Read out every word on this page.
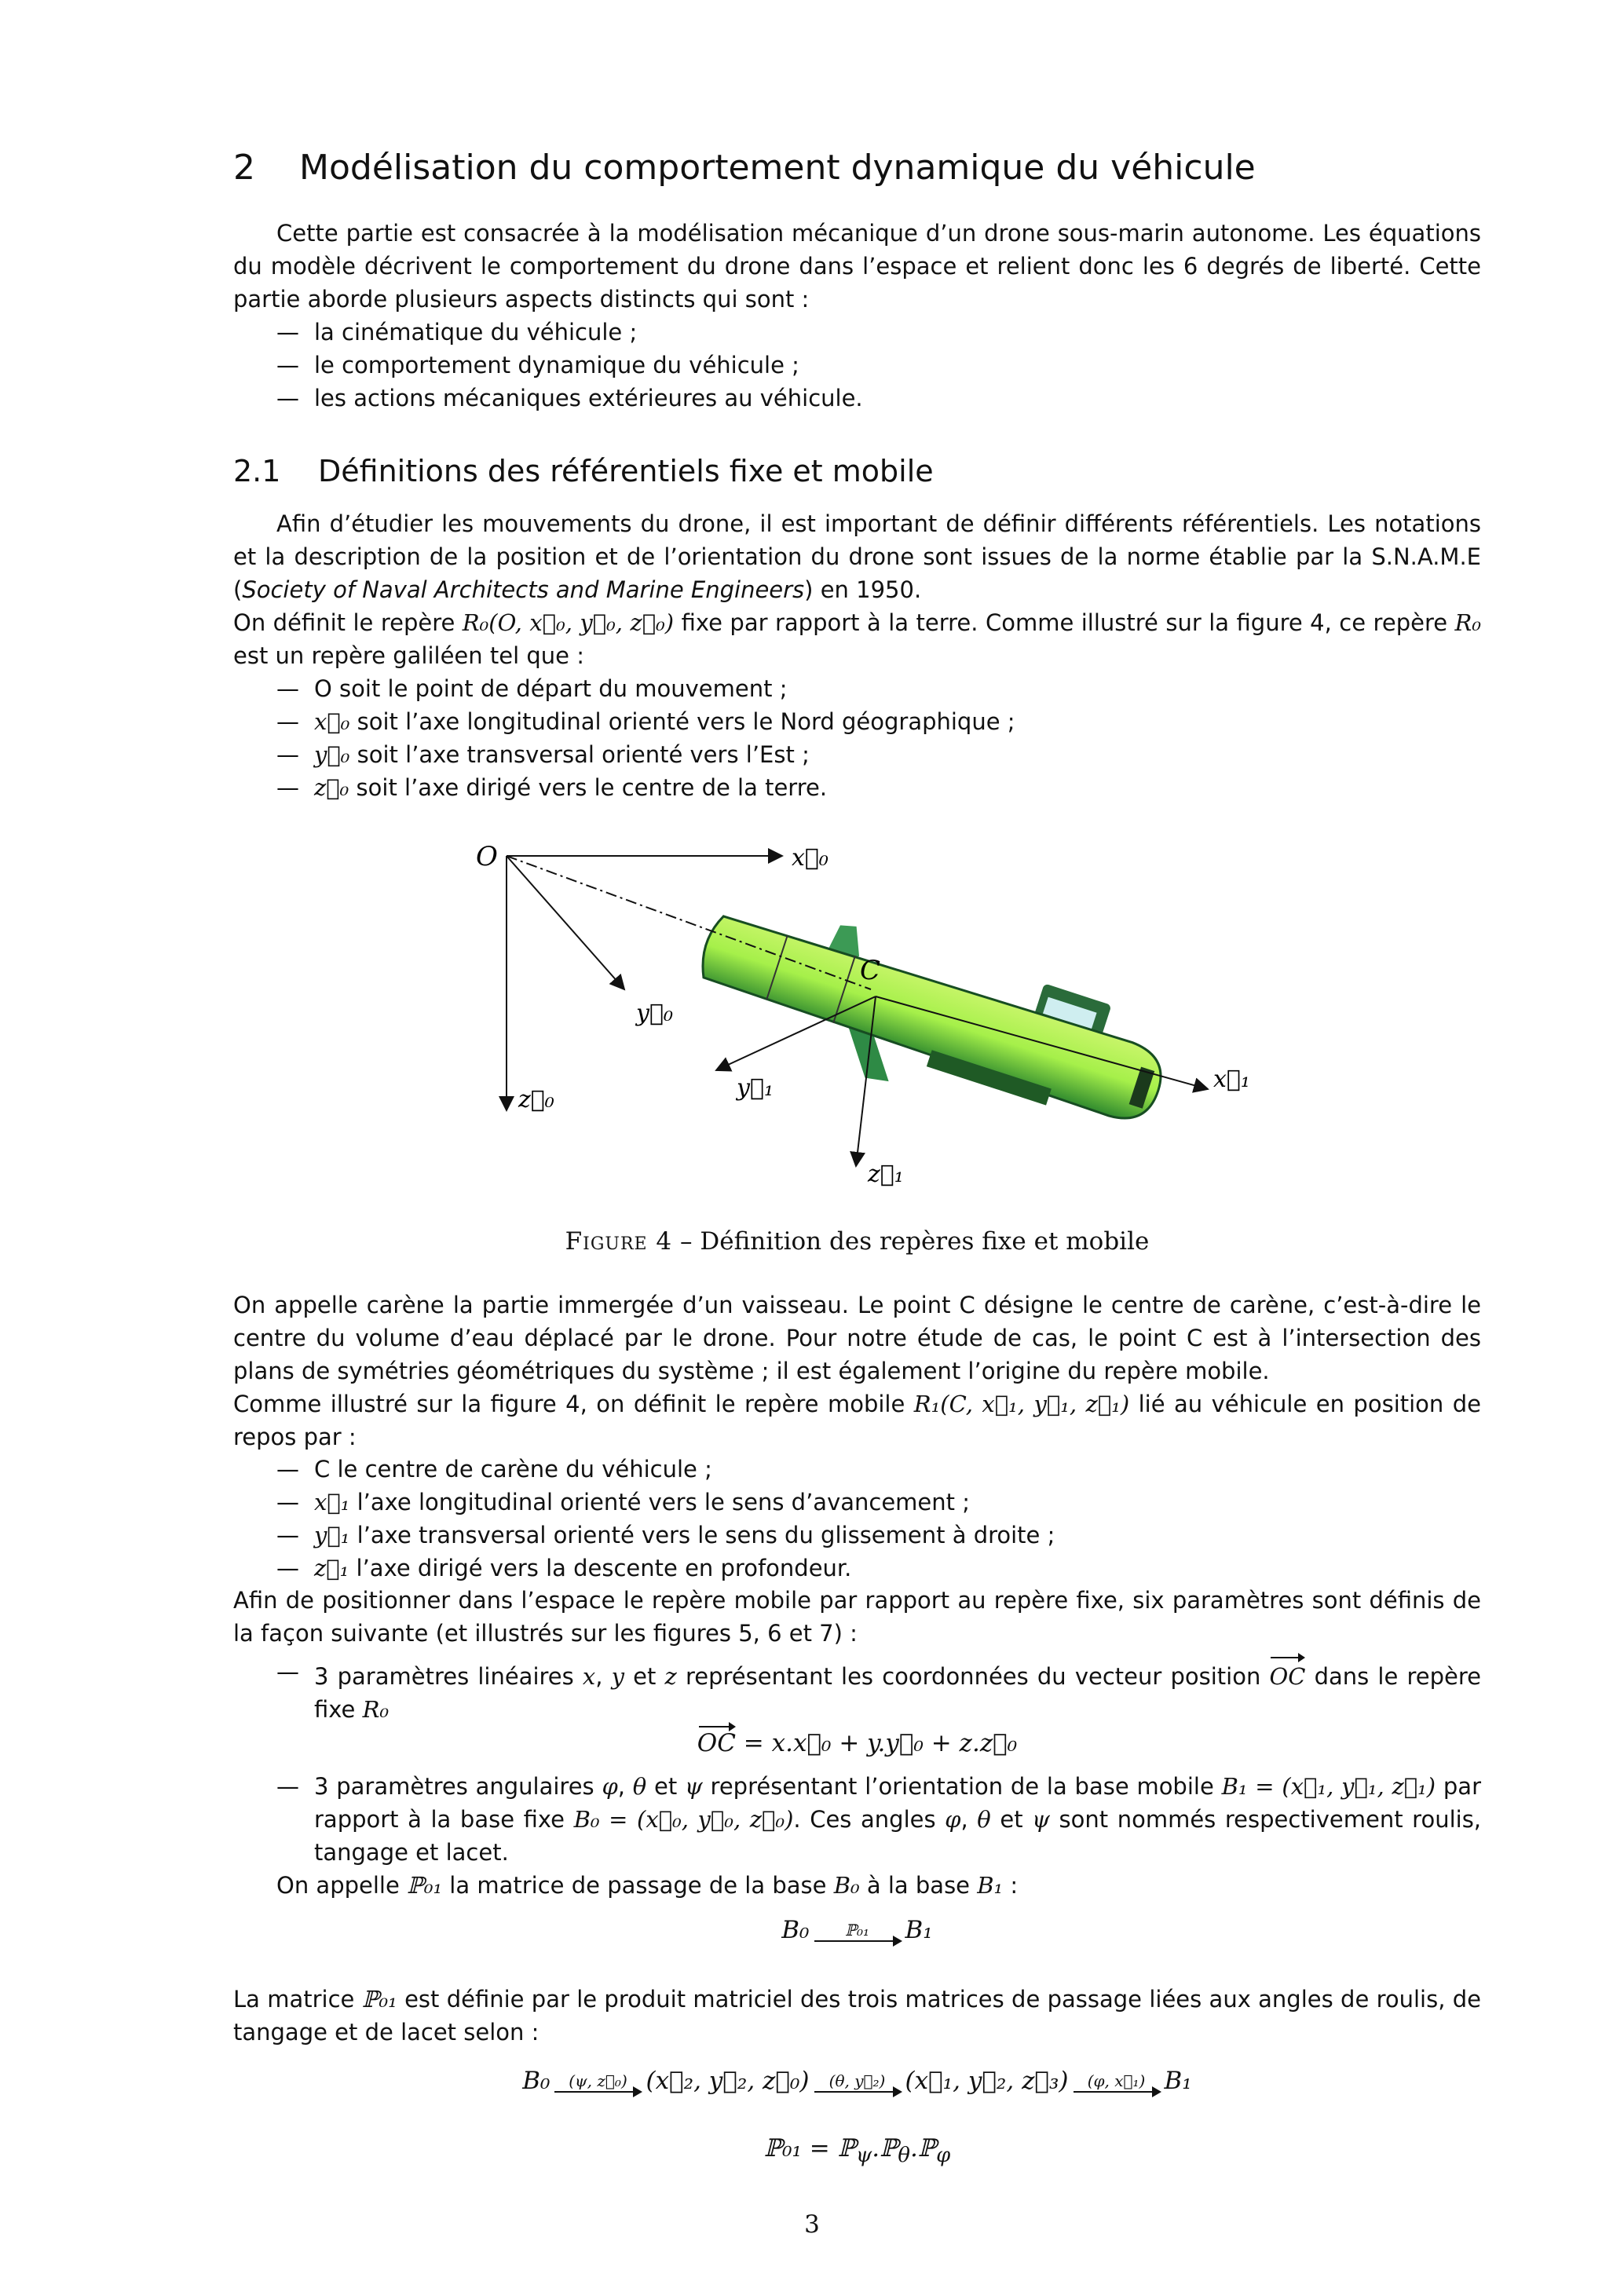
2 Modélisation du comportement dynamique du véhicule
Cette partie est consacrée à la modélisation mécanique d’un drone sous-marin autonome. Les équations du modèle décrivent le comportement du drone dans l’espace et relient donc les 6 degrés de liberté. Cette partie aborde plusieurs aspects distincts qui sont :
— la cinématique du véhicule ;
— le comportement dynamique du véhicule ;
— les actions mécaniques extérieures au véhicule.
2.1 Définitions des référentiels fixe et mobile
Afin d’étudier les mouvements du drone, il est important de définir différents référentiels. Les notations et la description de la position et de l’orientation du drone sont issues de la norme établie par la S.N.A.M.E (Society of Naval Architects and Marine Engineers) en 1950.
On définit le repère R₀(O, x⃗₀, y⃗₀, z⃗₀) fixe par rapport à la terre. Comme illustré sur la figure 4, ce repère R₀ est un repère galiléen tel que :
— O soit le point de départ du mouvement ;
— x⃗₀ soit l’axe longitudinal orienté vers le Nord géographique ;
— y⃗₀ soit l’axe transversal orienté vers l’Est ;
— z⃗₀ soit l’axe dirigé vers le centre de la terre.
O	x⃗₀
y⃗₀
z⃗₀
C
x⃗₁
y⃗₁
z⃗₁
Figure 4 – Définition des repères fixe et mobile
On appelle carène la partie immergée d’un vaisseau. Le point C désigne le centre de carène, c’est-à-dire le centre du volume d’eau déplacé par le drone. Pour notre étude de cas, le point C est à l’intersection des plans de symétries géométriques du système ; il est également l’origine du repère mobile.
Comme illustré sur la figure 4, on définit le repère mobile R₁(C, x⃗₁, y⃗₁, z⃗₁) lié au véhicule en position de repos par :
— C le centre de carène du véhicule ;
— x⃗₁ l’axe longitudinal orienté vers le sens d’avancement ;
— y⃗₁ l’axe transversal orienté vers le sens du glissement à droite ;
— z⃗₁ l’axe dirigé vers la descente en profondeur.
Afin de positionner dans l’espace le repère mobile par rapport au repère fixe, six paramètres sont définis de la façon suivante (et illustrés sur les figures 5, 6 et 7) :
— 3 paramètres linéaires x, y et z représentant les coordonnées du vecteur position OC dans le repère fixe R₀
OC = x.x⃗₀ + y.y⃗₀ + z.z⃗₀
— 3 paramètres angulaires φ, θ et ψ représentant l’orientation de la base mobile B₁ = (x⃗₁, y⃗₁, z⃗₁) par rapport à la base fixe B₀ = (x⃗₀, y⃗₀, z⃗₀). Ces angles φ, θ et ψ sont nommés respectivement roulis, tangage et lacet.
On appelle ℙ₀₁ la matrice de passage de la base B₀ à la base B₁ :
B₀	ℙ₀₁	B₁
La matrice ℙ₀₁ est définie par le produit matriciel des trois matrices de passage liées aux angles de roulis, de tangage et de lacet selon :
B₀	(ψ, z⃗₀) (x⃗₂, y⃗₂, z⃗₀)	(θ, y⃗₂) (x⃗₁, y⃗₂, z⃗₃)	(φ, x⃗₁) B₁
ℙ₀₁ = ℙ$_\psi$.ℙ$_\theta$.ℙ$_\varphi$
3
